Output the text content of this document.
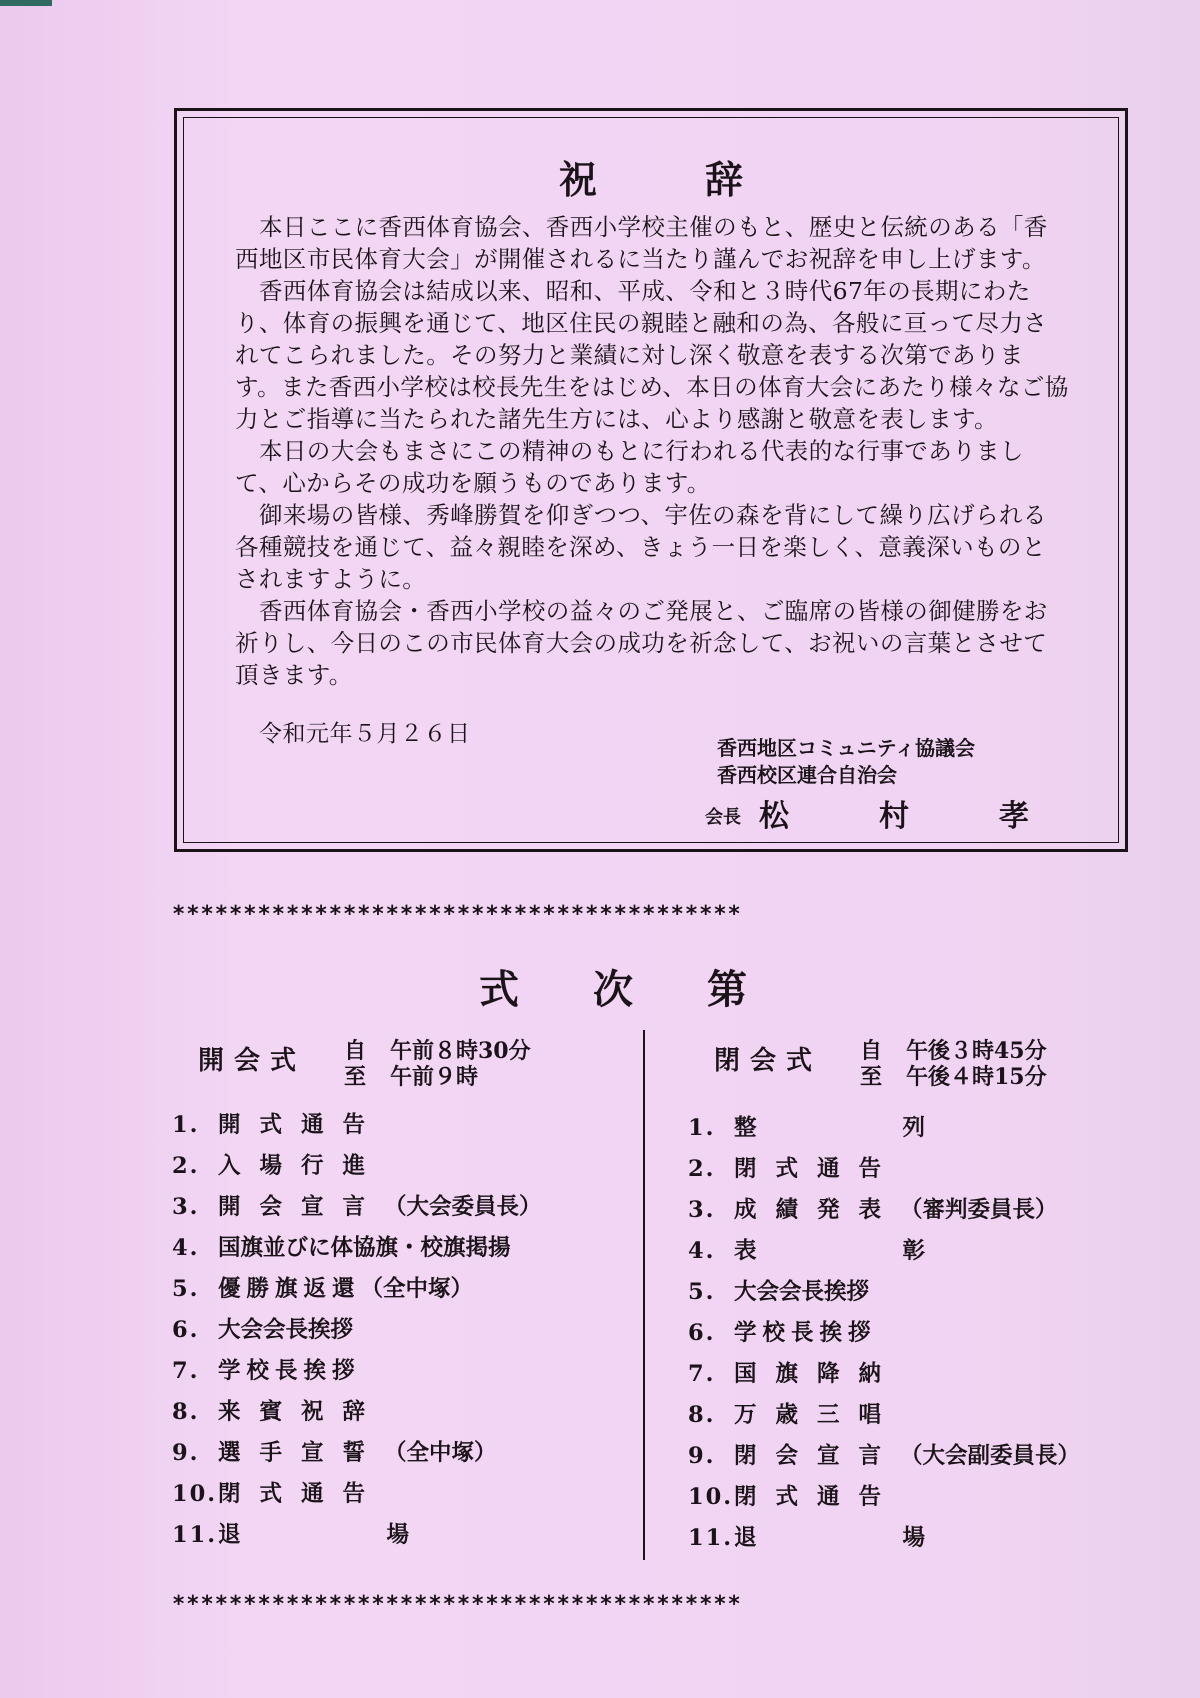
祝辞

本日ここに香西体育協会、香西小学校主催のもと、歴史と伝統のある「香西地区市民体育大会」が開催されるに当たり謹んでお祝辞を申し上げます。

香西体育協会は結成以来、昭和、平成、令和と３時代67年の長期にわたり、体育の振興を通じて、地区住民の親睦と融和の為、各般に亘って尽力されてこられました。その努力と業績に対し深く敬意を表する次第であります。また香西小学校は校長先生をはじめ、本日の体育大会にあたり様々なご協力とご指導に当たられた諸先生方には、心より感謝と敬意を表します。

本日の大会もまさにこの精神のもとに行われる代表的な行事でありまして、心からその成功を願うものであります。

御来場の皆様、秀峰勝賀を仰ぎつつ、宇佐の森を背にして繰り広げられる各種競技を通じて、益々親睦を深め、きょう一日を楽しく、意義深いものとされますように。

香西体育協会・香西小学校の益々のご発展と、ご臨席の皆様の御健勝をお祈りし、今日のこの市民体育大会の成功を祈念して、お祝いの言葉とさせて頂きます。

令和元年５月２６日
香西地区コミュニティ協議会
香西校区連合自治会
会長 松村孝
****************************************
式次第
開会式 自 午前８時30分
至 午前９時
閉会式 自 午後３時45分
至 午後４時15分
1. 開式通告
2. 入場行進
3. 開会宣言（大会委員長）
4. 国旗並びに体協旗・校旗掲揚
5. 優勝旗返還（全中塚）
6. 大会会長挨拶
7. 学校長挨拶
8. 来賓祝辞
9. 選手宣誓（全中塚）
10.閉式通告
11.退場
1. 整列
2. 閉式通告
3. 成績発表（審判委員長）
4. 表彰
5. 大会会長挨拶
6. 学校長挨拶
7. 国旗降納
8. 万歳三唱
9. 閉会宣言（大会副委員長）
10.閉式通告
11.退場
****************************************
